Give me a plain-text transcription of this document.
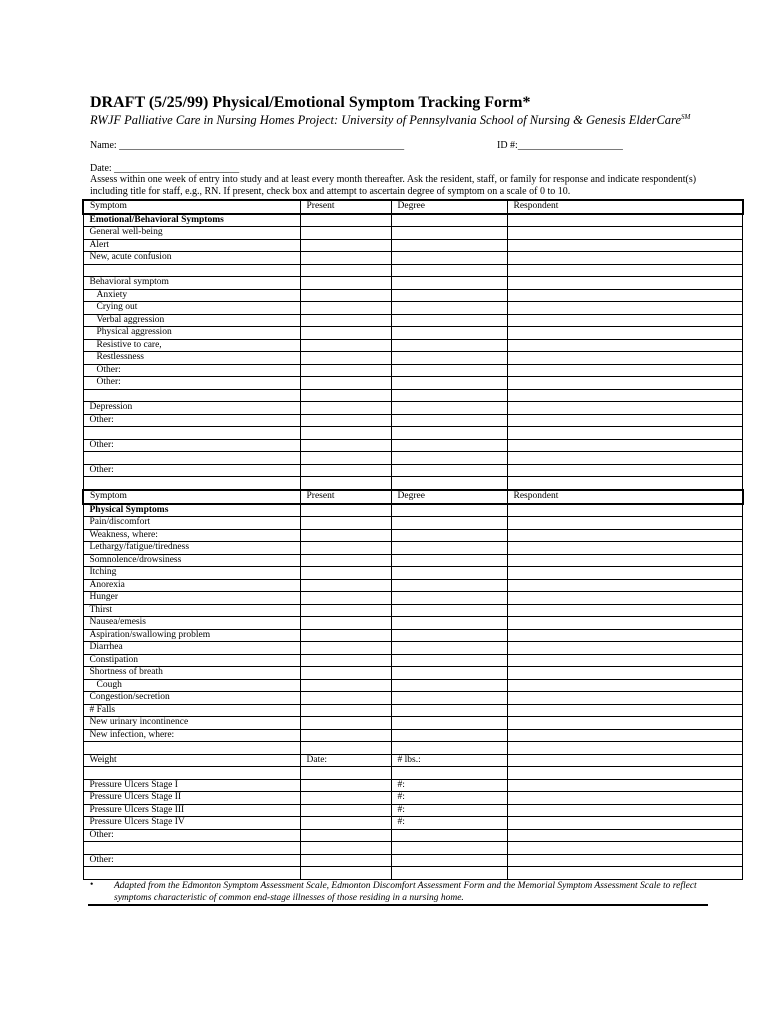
DRAFT (5/25/99) Physical/Emotional Symptom Tracking Form*
RWJF Palliative Care in Nursing Homes Project: University of Pennsylvania School of Nursing & Genesis ElderCare℠
Name: _________________________________________________________	ID #:_____________________
Date: _________________________
Assess within one week of entry into study and at least every month thereafter. Ask the resident, staff, or family for response and indicate respondent(s)
including title for staff, e.g., RN. If present, check box and attempt to ascertain degree of symptom on a scale of 0 to 10.
Symptom	Present	Degree	Respondent
Emotional/Behavioral Symptoms			
General well-being			
Alert			
New, acute confusion			

Behavioral symptom			
Anxiety			
Crying out			
Verbal aggression			
Physical aggression			
Resistive to care,			
Restlessness			
Other:			
Other:			

Depression			
Other:			

Other:			

Other:			

Symptom	Present	Degree	Respondent
Physical Symptoms			
Pain/discomfort			
Weakness, where:			
Lethargy/fatigue/tiredness			
Somnolence/drowsiness			
Itching			
Anorexia			
Hunger			
Thirst			
Nausea/emesis			
Aspiration/swallowing problem			
Diarrhea			
Constipation			
Shortness of breath			
Cough			
Congestion/secretion			
# Falls			
New urinary incontinence			
New infection, where:			

Weight	Date:	# lbs.:	

Pressure Ulcers Stage I		#:	
Pressure Ulcers Stage II		#:	
Pressure Ulcers Stage III		#:	
Pressure Ulcers Stage IV		#:	
Other:			

Other:			

• Adapted from the Edmonton Symptom Assessment Scale, Edmonton Discomfort Assessment Form and the Memorial Symptom Assessment Scale to reflect symptoms characteristic of common end-stage illnesses of those residing in a nursing home.
